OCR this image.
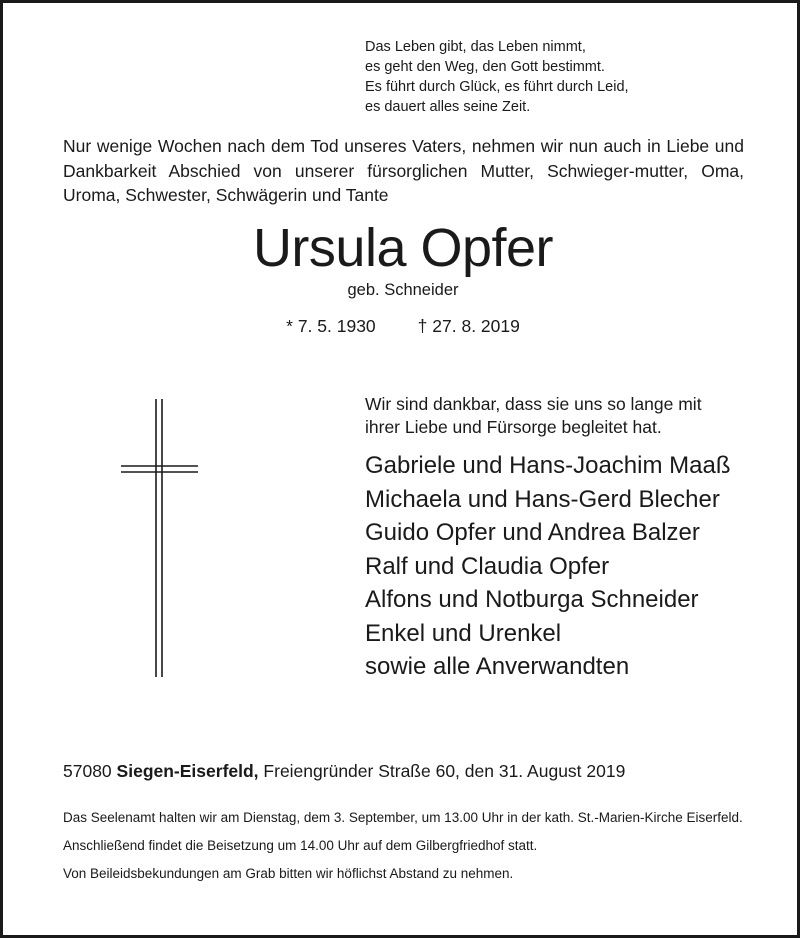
Das Leben gibt, das Leben nimmt,
es geht den Weg, den Gott bestimmt.
Es führt durch Glück, es führt durch Leid,
es dauert alles seine Zeit.
Nur wenige Wochen nach dem Tod unseres Vaters, nehmen wir nun auch in Liebe und Dankbarkeit Abschied von unserer fürsorglichen Mutter, Schwieger-mutter, Oma, Uroma, Schwester, Schwägerin und Tante
Ursula Opfer
geb. Schneider
* 7. 5. 1930 † 27. 8. 2019
Wir sind dankbar, dass sie uns so lange mit
ihrer Liebe und Fürsorge begleitet hat.
Gabriele und Hans-Joachim Maaß
Michaela und Hans-Gerd Blecher
Guido Opfer und Andrea Balzer
Ralf und Claudia Opfer
Alfons und Notburga Schneider
Enkel und Urenkel
sowie alle Anverwandten
57080 Siegen-Eiserfeld, Freiengründer Straße 60, den 31. August 2019
Das Seelenamt halten wir am Dienstag, dem 3. September, um 13.00 Uhr in der kath. St.-Marien-Kirche Eiserfeld.
Anschließend findet die Beisetzung um 14.00 Uhr auf dem Gilbergfriedhof statt.
Von Beileidsbekundungen am Grab bitten wir höflichst Abstand zu nehmen.
